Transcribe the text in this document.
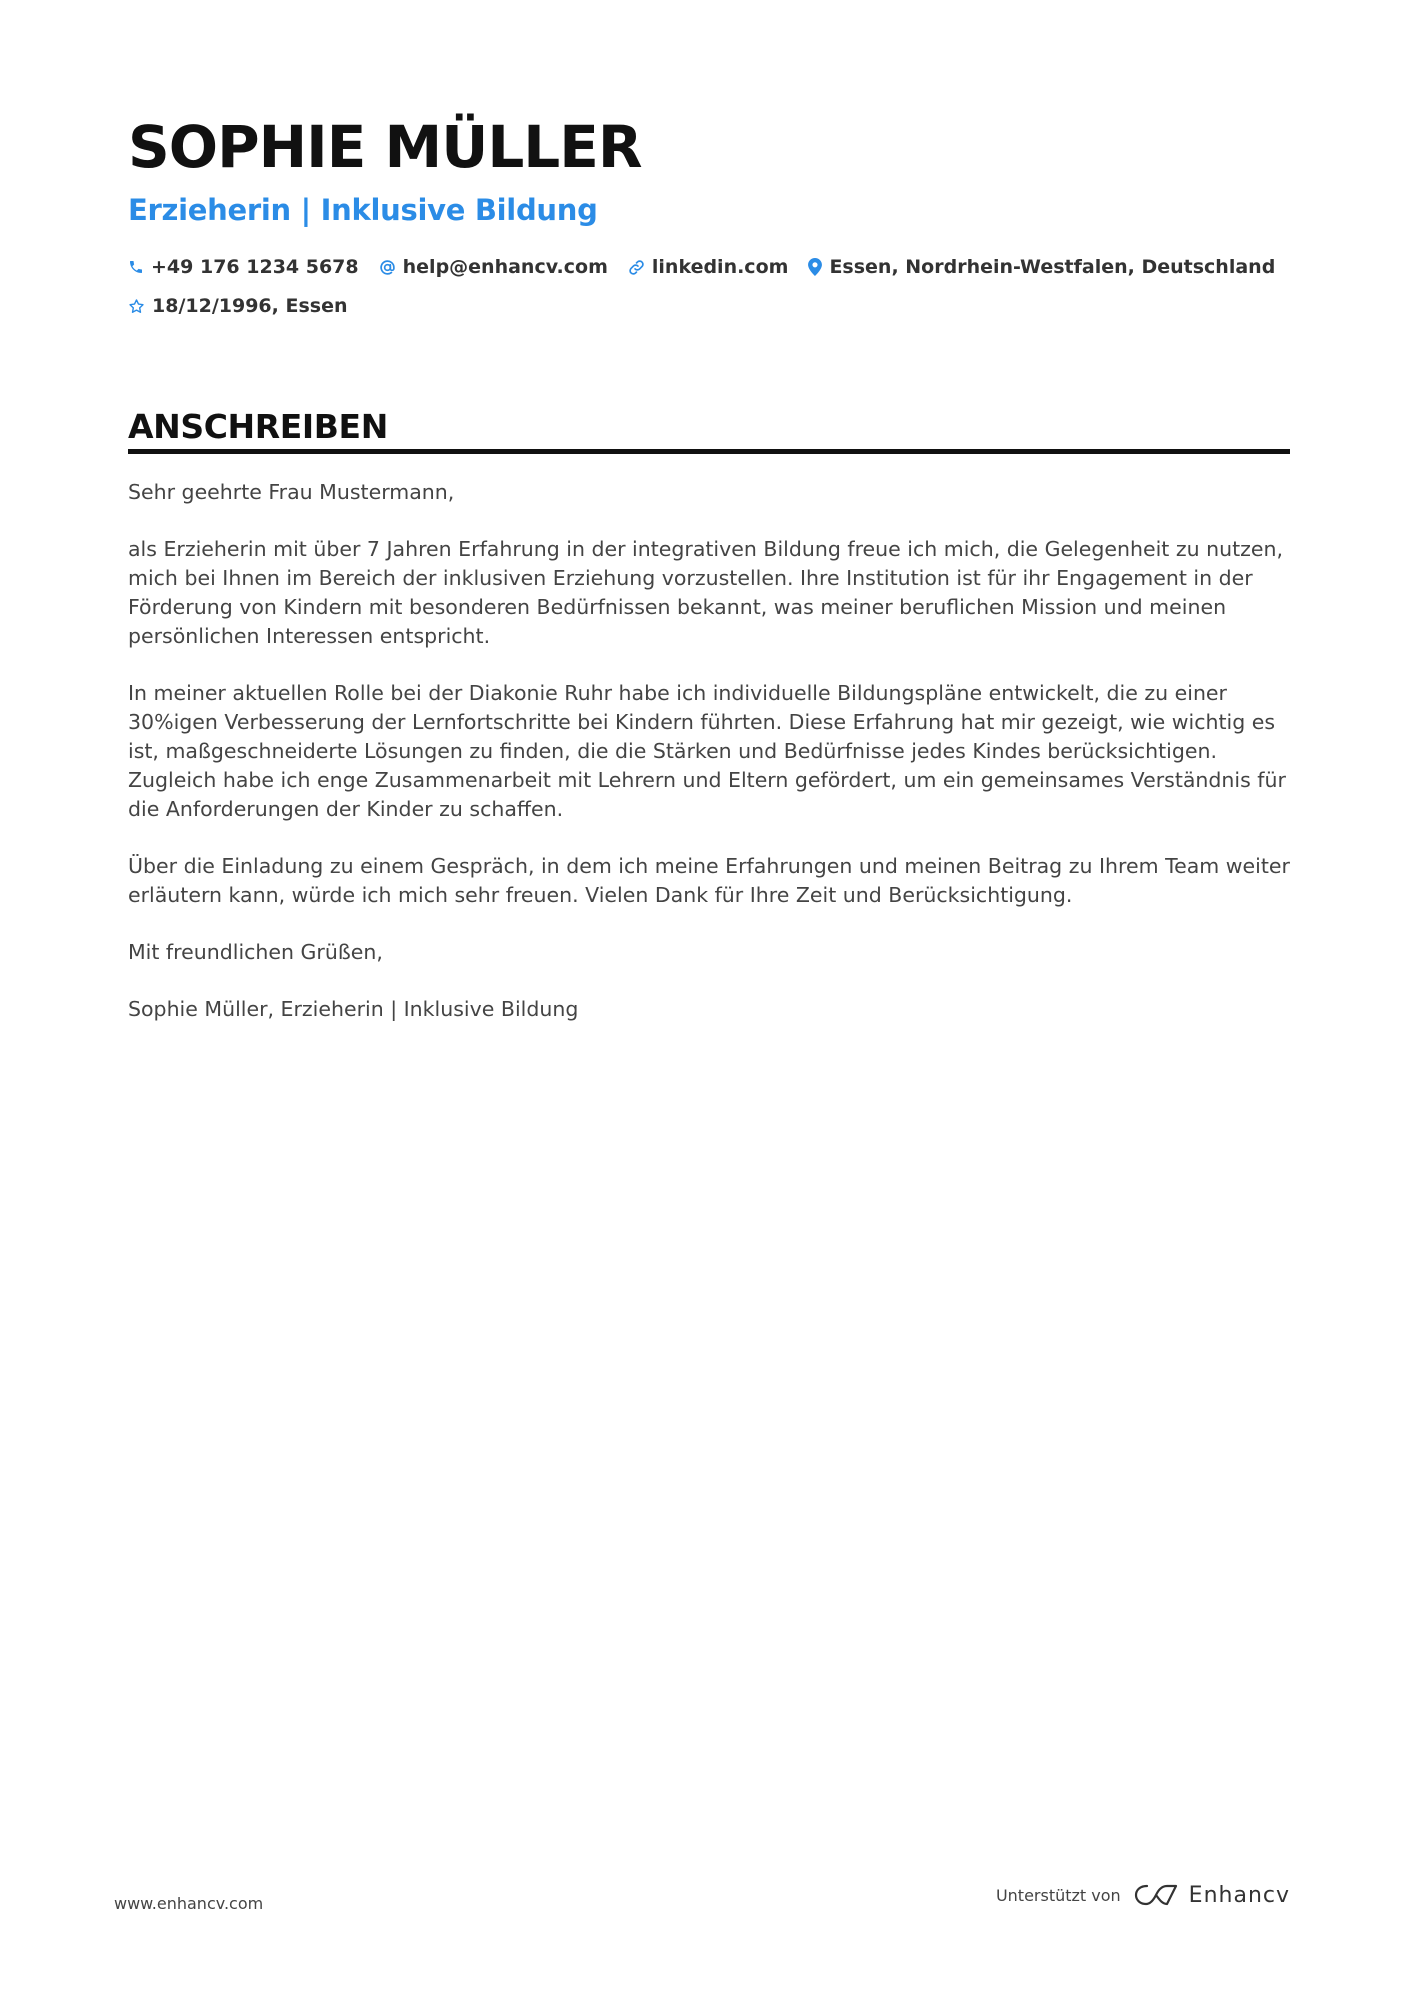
SOPHIE MÜLLER
Erzieherin | Inklusive Bildung
+49 176 1234 5678 help@enhancv.com linkedin.com Essen, Nordrhein-Westfalen, Deutschland
18/12/1996, Essen
ANSCHREIBEN

Sehr geehrte Frau Mustermann,

als Erzieherin mit über 7 Jahren Erfahrung in der integrativen Bildung freue ich mich, die Gelegenheit zu nutzen, mich bei Ihnen im Bereich der inklusiven Erziehung vorzustellen. Ihre Institution ist für ihr Engagement in der Förderung von Kindern mit besonderen Bedürfnissen bekannt, was meiner beruflichen Mission und meinen persönlichen Interessen entspricht.

In meiner aktuellen Rolle bei der Diakonie Ruhr habe ich individuelle Bildungspläne entwickelt, die zu einer 30%igen Verbesserung der Lernfortschritte bei Kindern führten. Diese Erfahrung hat mir gezeigt, wie wichtig es ist, maßgeschneiderte Lösungen zu finden, die die Stärken und Bedürfnisse jedes Kindes berücksichtigen. Zugleich habe ich enge Zusammenarbeit mit Lehrern und Eltern gefördert, um ein gemeinsames Verständnis für die Anforderungen der Kinder zu schaffen.

Über die Einladung zu einem Gespräch, in dem ich meine Erfahrungen und meinen Beitrag zu Ihrem Team weiter erläutern kann, würde ich mich sehr freuen. Vielen Dank für Ihre Zeit und Berücksichtigung.

Mit freundlichen Grüßen,

Sophie Müller, Erzieherin | Inklusive Bildung

www.enhancv.com	Unterstützt von	Enhancv
